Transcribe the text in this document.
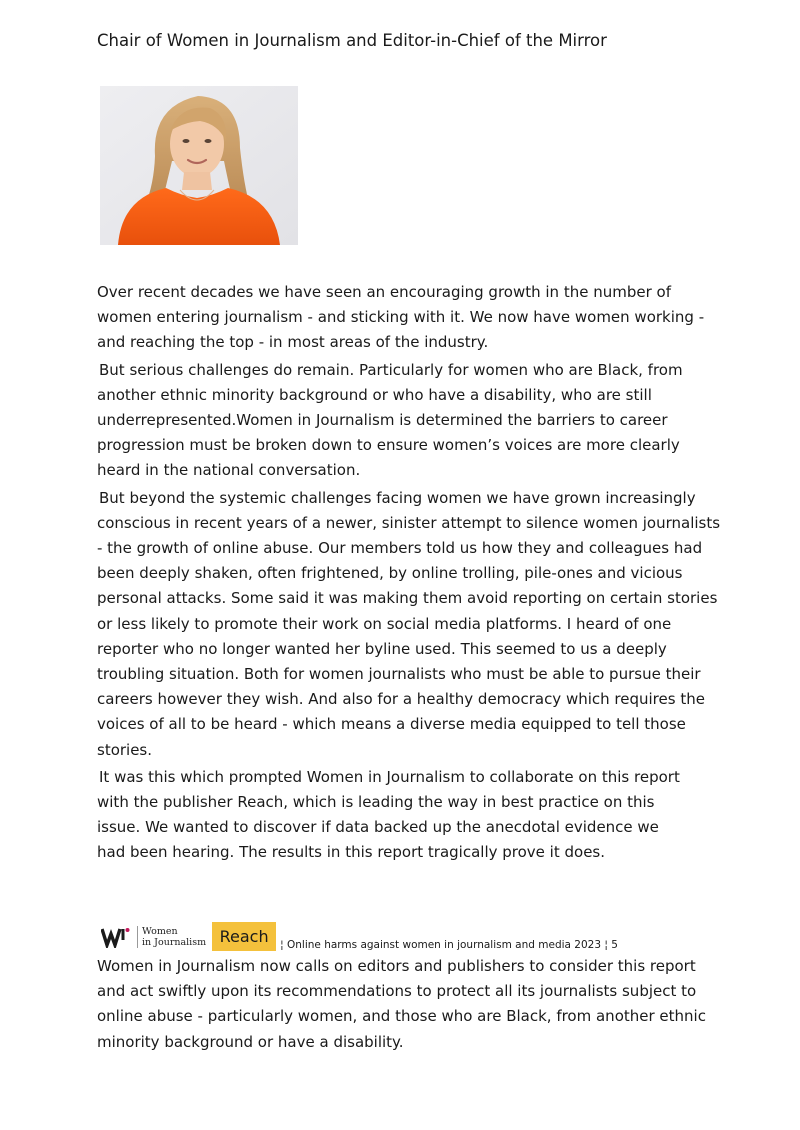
Chair of Women in Journalism and Editor-in-Chief of the Mirror

Over recent decades we have seen an encouraging growth in the number of
women entering journalism - and sticking with it. We now have women working -
and reaching the top - in most areas of the industry.

But serious challenges do remain. Particularly for women who are Black, from
another ethnic minority background or who have a disability, who are still
underrepresented.Women in Journalism is determined the barriers to career
progression must be broken down to ensure women’s voices are more clearly
heard in the national conversation.

But beyond the systemic challenges facing women we have grown increasingly
conscious in recent years of a newer, sinister attempt to silence women journalists
- the growth of online abuse. Our members told us how they and colleagues had
been deeply shaken, often frightened, by online trolling, pile-ones and vicious
personal attacks. Some said it was making them avoid reporting on certain stories
or less likely to promote their work on social media platforms. I heard of one
reporter who no longer wanted her byline used. This seemed to us a deeply
troubling situation. Both for women journalists who must be able to pursue their
careers however they wish. And also for a healthy democracy which requires the
voices of all to be heard - which means a diverse media equipped to tell those
stories.

It was this which prompted Women in Journalism to collaborate on this report
with the publisher Reach, which is leading the way in best practice on this
issue. We wanted to discover if data backed up the anecdotal evidence we
had been hearing. The results in this report tragically prove it does.

Women
in Journalism Reach	¦ Online harms against women in journalism and media 2023 ¦ 5
Women in Journalism now calls on editors and publishers to consider this report
and act swiftly upon its recommendations to protect all its journalists subject to
online abuse - particularly women, and those who are Black, from another ethnic
minority background or have a disability.
